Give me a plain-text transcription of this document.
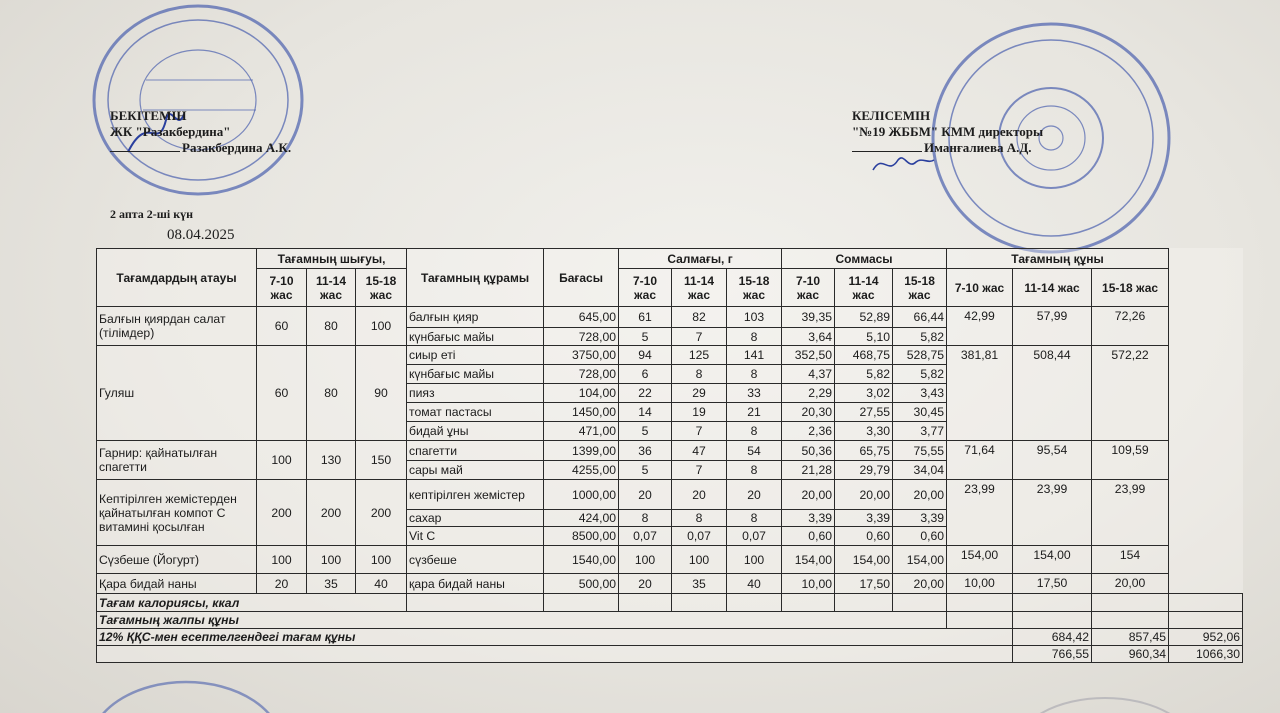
БЕКІТЕМІН
ЖК "Разакбердина"
Разакбердина А.К.
КЕЛІСЕМІН
"№19 ЖББМ" КММ директоры
Иманғалиева А.Д.
2 апта 2-ші күн
08.04.2025
Тағамдардың атауы	Тағамның шығуы,			Тағамның құрамы	Бағасы	Салмағы, г			Соммасы			Тағамның құны			
	7-10 жас	11-14 жас	15-18 жас			7-10 жас	11-14 жас	15-18 жас	7-10 жас	11-14 жас	15-18 жас	7-10 жас	11-14 жас	15-18 жас	
Балғын қиярдан салат (тілімдер)	60	80	100	балғын қияр	645,00	61	82	103	39,35	52,89	66,44	42,99	57,99	72,26	
				күнбағыс майы	728,00	5	7	8	3,64	5,10	5,82				
Гуляш	60	80	90	сиыр еті	3750,00	94	125	141	352,50	468,75	528,75	381,81	508,44	572,22	
				күнбағыс майы	728,00	6	8	8	4,37	5,82	5,82				
				пияз	104,00	22	29	33	2,29	3,02	3,43				
				томат пастасы	1450,00	14	19	21	20,30	27,55	30,45				
				бидай ұны	471,00	5	7	8	2,36	3,30	3,77				
Гарнир: қайнатылған спагетти	100	130	150	спагетти	1399,00	36	47	54	50,36	65,75	75,55	71,64	95,54	109,59	
				сары май	4255,00	5	7	8	21,28	29,79	34,04				
Кептірілген жемістерден қайнатылған компот С витамині қосылған	200	200	200	кептірілген жемістер	1000,00	20	20	20	20,00	20,00	20,00	23,99	23,99	23,99	
				сахар	424,00	8	8	8	3,39	3,39	3,39				
				Vit C	8500,00	0,07	0,07	0,07	0,60	0,60	0,60				
Сүзбеше (Йогурт)	100	100	100	сүзбеше	1540,00	100	100	100	154,00	154,00	154,00	154,00	154,00	154	
Қара бидай наны	20	35	40	қара бидай наны	500,00	20	35	40	10,00	17,50	20,00	10,00	17,50	20,00	
Тағам калориясы, ккал															
Тағамның жалпы құны															
12% ҚҚС-мен есептелгендегі тағам құны													684,42	857,45	952,06
													766,55	960,34	1066,30
